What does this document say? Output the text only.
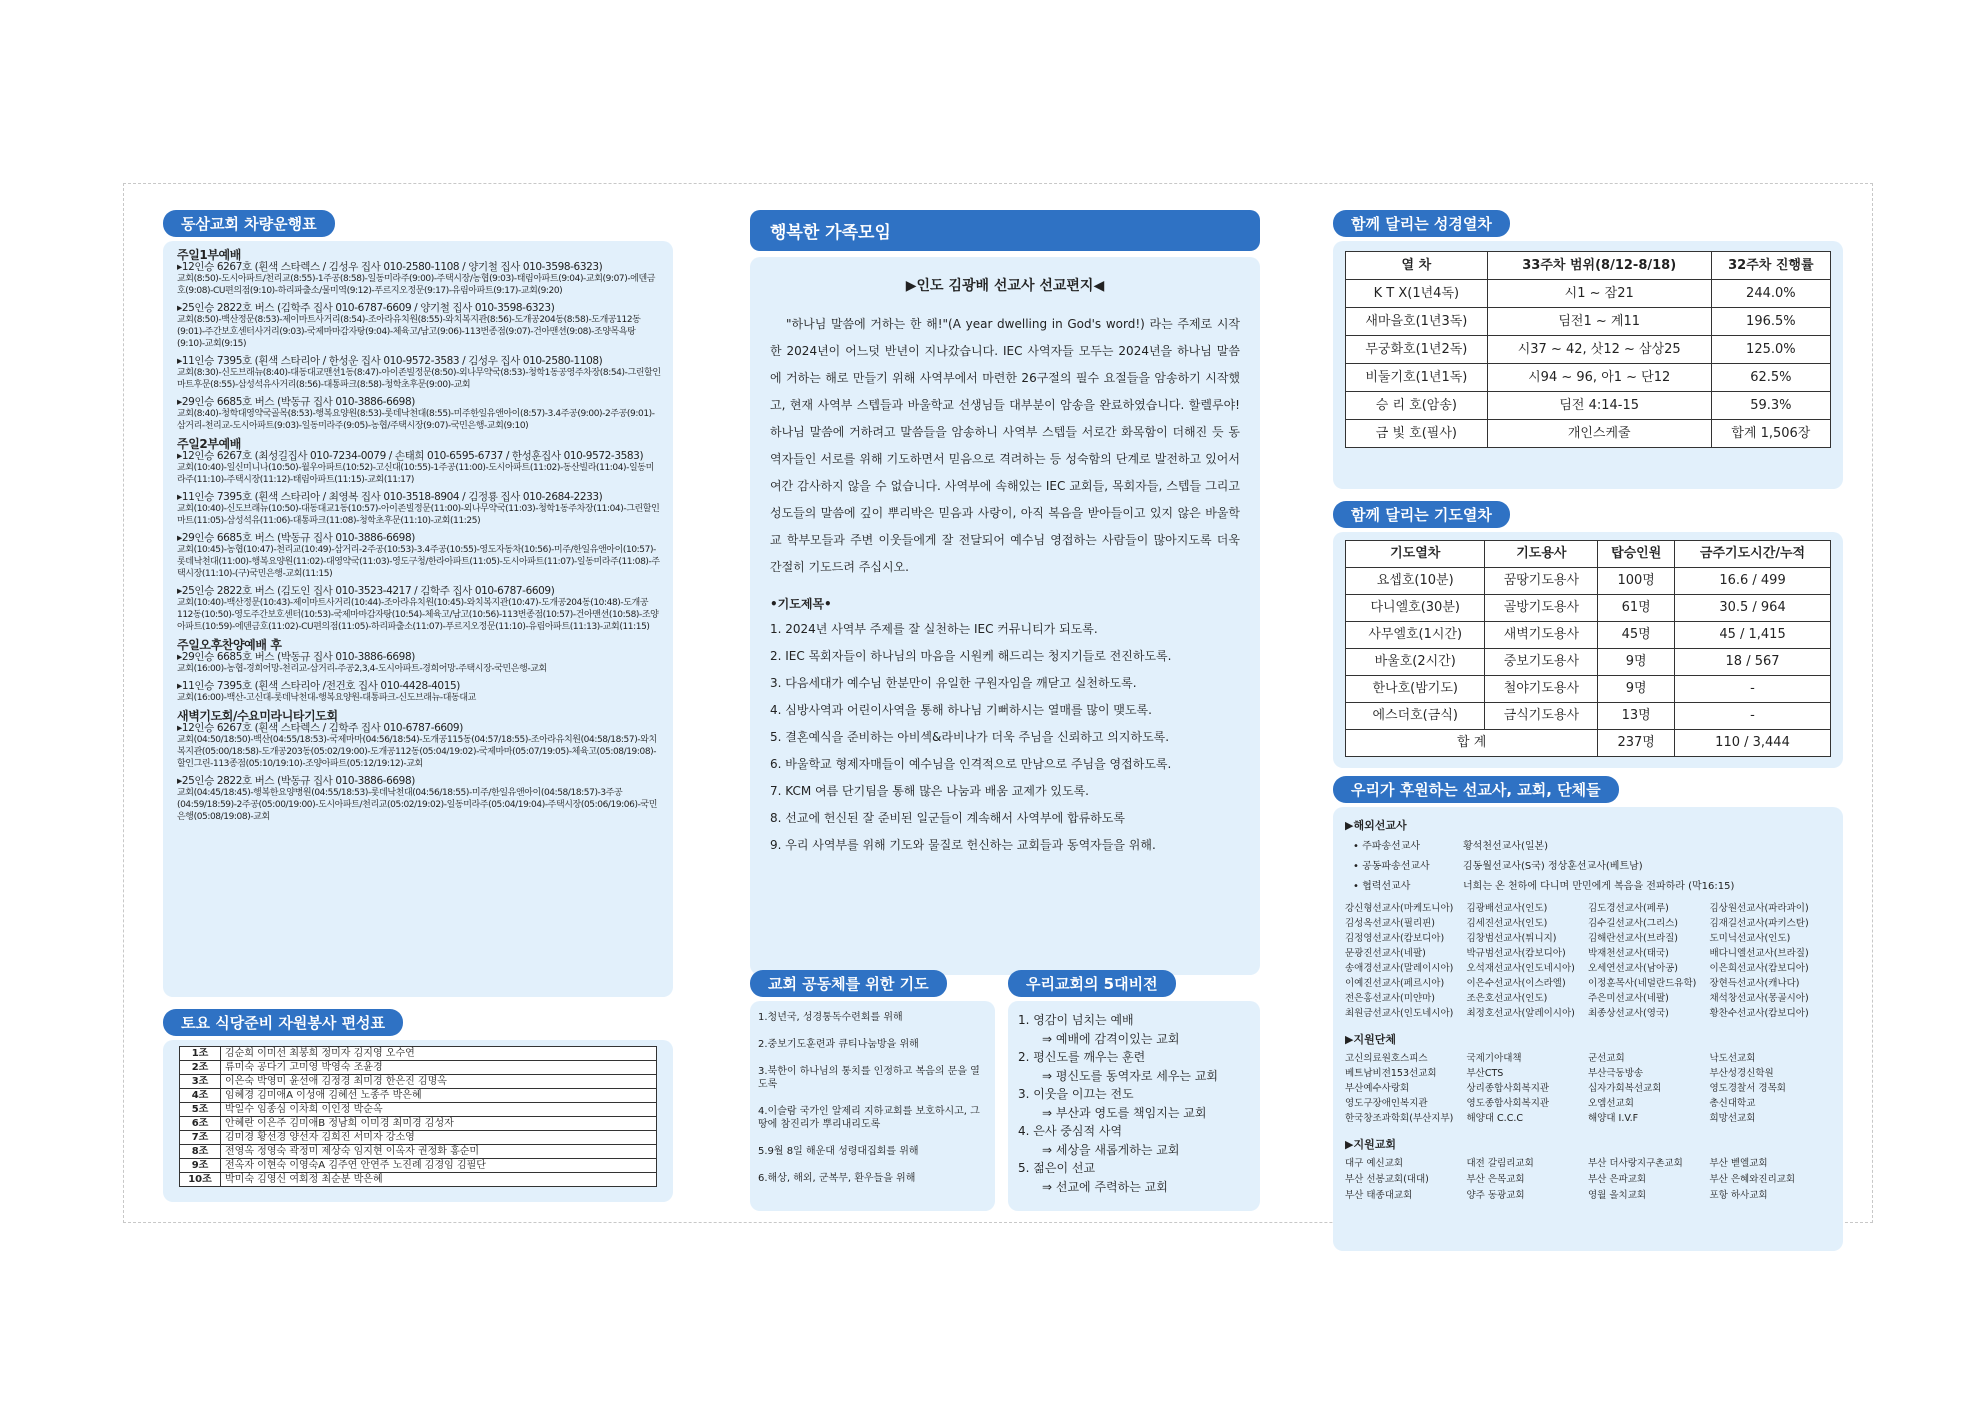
동삼교회 차량운행표
주일1부예배
▸12인승 6267호 (흰색 스타렉스 / 김성우 집사 010-2580-1108 / 양기철 집사 010-3598-6323)
교회(8:50)-도시아파트/천리교(8:55)-1주공(8:58)-일동미라주(9:00)-주택시장/농협(9:03)-태림아파트(9:04)-교회(9:07)-에덴금호(9:08)-CU편의점(9:10)-하리파출소/물미역(9:12)-푸르지오정문(9:17)-유림아파트(9:17)-교회(9:20)
▸25인승 2822호 버스 (김학주 집사 010-6787-6609 / 양기철 집사 010-3598-6323)
교회(8:50)-백산정문(8:53)-제이마트사거리(8:54)-조아라유치원(8:55)-와치복지관(8:56)-도개공204동(8:58)-도개공112동(9:01)-주간보호센터사거리(9:03)-국제마마감자탕(9:04)-체육고/남고(9:06)-113번종점(9:07)-건아맨션(9:08)-조양목욕탕(9:10)-교회(9:15)
▸11인승 7395호 (흰색 스타리아 / 한성운 집사 010-9572-3583 / 김성우 집사 010-2580-1108)
교회(8:30)-신도브래뉴(8:40)-대동대교맨션1동(8:47)-아이존빌정문(8:50)-외나무약국(8:53)-청학1동공영주차장(8:54)-그린할인마트후문(8:55)-삼성석유사거리(8:56)-대통파크(8:58)-청학초후문(9:00)-교회
▸29인승 6685호 버스 (박동규 집사 010-3886-6698)
교회(8:40)-청학대영약국골목(8:53)-행복요양원(8:53)-롯데낙천대(8:55)-미주한일유앤아이(8:57)-3.4주공(9:00)-2주공(9:01)-삼거리-천리교-도시아파트(9:03)-일동미라주(9:05)-농협/주택시장(9:07)-국민은행-교회(9:10)
주일2부예배
▸12인승 6267호 (최성길집사 010-7234-0079 / 손태희 010-6595-6737 / 한성훈집사 010-9572-3583)
교회(10:40)-일신미니나(10:50)-월우아파트(10:52)-고신대(10:55)-1주공(11:00)-도시아파트(11:02)-동산빌라(11:04)-일동미라주(11:10)-주택시장(11:12)-태림아파트(11:15)-교회(11:17)
▸11인승 7395호 (흰색 스타리아 / 최영복 집사 010-3518-8904 / 김정룡 집사 010-2684-2233)
교회(10:40)-신도브래뉴(10:50)-대동대교1동(10:57)-아이존빌정문(11:00)-외나무약국(11:03)-청학1동주차장(11:04)-그린할인마트(11:05)-삼성석유(11:06)-대통파크(11:08)-청학초후문(11:10)-교회(11:25)
▸29인승 6685호 버스 (박동규 집사 010-3886-6698)
교회(10:45)-농협(10:47)-천리교(10:49)-삼거리-2주공(10:53)-3.4주공(10:55)-영도자동차(10:56)-미주/한일유앤아이(10:57)-롯데낙천대(11:00)-행복요양원(11:02)-대영약국(11:03)-영도구청/한라아파트(11:05)-도시아파트(11:07)-일동미라주(11:08)-주택시장(11:10)-(구)국민은행-교회(11:15)
▸25인승 2822호 버스 (김도인 집사 010-3523-4217 / 김학주 집사 010-6787-6609)
교회(10:40)-백산정문(10:43)-제이마트사거리(10:44)-조아라유치원(10:45)-와치복지관(10:47)-도개공204동(10:48)-도개공112동(10:50)-영도주간보호센터(10:53)-국제마마감자탕(10:54)-체육고/남고(10:56)-113번종점(10:57)-건아맨션(10:58)-조양아파트(10:59)-에덴금호(11:02)-CU편의점(11:05)-하리파출소(11:07)-푸르지오정문(11:10)-유림아파트(11:13)-교회(11:15)
주일오후찬양예배 후
▸29인승 6685호 버스 (박동규 집사 010-3886-6698)
교회(16:00)-농협-경희어망-천리교-삼거리-주공2,3,4-도시아파트-경희어망-주택시장-국민은행-교회
▸11인승 7395호 (흰색 스타리아 /전건호 집사 010-4428-4015)
교회(16:00)-백산-고신대-롯데낙천대-행복요양원-대통파크-신도브래뉴-대동대교
새벽기도회/수요미라니타기도회
▸12인승 6267호 (흰색 스타렉스 / 김학주 집사 010-6787-6609)
교회(04:50/18:50)-백산(04:55/18:53)-국제마마(04:56/18:54)-도개공115동(04:57/18:55)-조아라유치원(04:58/18:57)-와치복지관(05:00/18:58)-도개공203동(05:02/19:00)-도개공112동(05:04/19:02)-국제마마(05:07/19:05)-체육고(05:08/19:08)-할인그린-113종점(05:10/19:10)-조양아파트(05:12/19:12)-교회
▸25인승 2822호 버스 (박동규 집사 010-3886-6698)
교회(04:45/18:45)-행복한요양병원(04:55/18:53)-롯데낙천대(04:56/18:55)-미주/한일유앤아이(04:58/18:57)-3주공(04:59/18:59)-2주공(05:00/19:00)-도시아파트/천리교(05:02/19:02)-일동미라주(05:04/19:04)-주택시장(05:06/19:06)-국민은행(05:08/19:08)-교회
토요 식당준비 자원봉사 편성표
1조	김순희 이미선 최봉희 정미자 김지영 오수연
2조	류미숙 공다기 고미영 박영숙 조윤경
3조	이은숙 박영미 윤선애 김정경 최미경 한은진 김명옥
4조	임혜경 김미애A 이성애 김혜선 노종주 박은혜
5조	박일수 임종심 이차희 이인정 박순옥
6조	안혜란 이은주 김미애B 정남희 이미경 최미경 김성자
7조	김미경 황선경 양선자 김희진 서미자 강소영
8조	전영옥 정영숙 곽정미 제상숙 임지현 이옥자 권정화 홍순미
9조	전옥자 이현숙 이영숙A 김주연 안연주 노진례 김경임 김필단
10조	박미숙 김영신 여회정 최순분 박은혜
행복한 가족모임
▶인도 김광배 선교사 선교편지◀
"하나님 말씀에 거하는 한 해!"(A year dwelling in God's word!) 라는 주제로 시작한 2024년이 어느덧 반년이 지나갔습니다. IEC 사역자들 모두는 2024년을 하나님 말씀에 거하는 해로 만들기 위해 사역부에서 마련한 26구절의 필수 요절들을 암송하기 시작했고, 현재 사역부 스텝들과 바울학교 선생님들 대부분이 암송을 완료하였습니다. 할렐루야! 하나님 말씀에 거하려고 말씀들을 암송하니 사역부 스텝들 서로간 화목함이 더해진 듯 동역자들인 서로를 위해 기도하면서 믿음으로 격려하는 등 성숙함의 단계로 발전하고 있어서 여간 감사하지 않을 수 없습니다. 사역부에 속해있는 IEC 교회들, 목회자들, 스텝들 그리고 성도들의 말씀에 깊이 뿌리박은 믿음과 사랑이, 아직 복음을 받아들이고 있지 않은 바울학교 학부모들과 주변 이웃들에게 잘 전달되어 예수님 영접하는 사람들이 많아지도록 더욱 간절히 기도드려 주십시오.
•기도제목•
1. 2024년 사역부 주제를 잘 실천하는 IEC 커뮤니티가 되도록.
2. IEC 목회자들이 하나님의 마음을 시원케 해드리는 청지기들로 전진하도록.
3. 다음세대가 예수님 한분만이 유일한 구원자임을 깨닫고 실천하도록.
4. 심방사역과 어린이사역을 통해 하나님 기뻐하시는 열매를 많이 맺도록.
5. 결혼예식을 준비하는 아비섹&라비나가 더욱 주님을 신뢰하고 의지하도록.
6. 바울학교 형제자매들이 예수님을 인격적으로 만남으로 주님을 영접하도록.
7. KCM 여름 단기팀을 통해 많은 나눔과 배움 교제가 있도록.
8. 선교에 헌신된 잘 준비된 일군들이 계속해서 사역부에 합류하도록
9. 우리 사역부를 위해 기도와 물질로 헌신하는 교회들과 동역자들을 위해.
교회 공동체를 위한 기도
1.청년국, 성경통독수련회를 위해
2.중보기도훈련과 큐티나눔방을 위해
3.북한이 하나님의 통치를 인정하고 복음의 문을 열도록
4.이슬람 국가인 알제리 지하교회를 보호하시고, 그 땅에 참진리가 뿌리내리도록
5.9월 8일 해운대 성령대집회를 위해
6.해상, 해외, 군복무, 환우들을 위해
우리교회의 5대비전
1. 영감이 넘치는 예배
⇒ 예배에 감격이있는 교회
2. 평신도를 깨우는 훈련
⇒ 평신도를 동역자로 세우는 교회
3. 이웃을 이끄는 전도
⇒ 부산과 영도를 책임지는 교회
4. 은사 중심적 사역
⇒ 세상을 새롭게하는 교회
5. 젊은이 선교
⇒ 선교에 주력하는 교회
함께 달리는 성경열차
열 차	33주차 범위(8/12-8/18)	32주차 진행률
K T X(1년4독)	시1 ~ 잠21	244.0%
새마을호(1년3독)	딤전1 ~ 계11	196.5%
무궁화호(1년2독)	시37 ~ 42, 삿12 ~ 삼상25	125.0%
비둘기호(1년1독)	시94 ~ 96, 아1 ~ 단12	62.5%
승 리 호(암송)	딤전 4:14-15	59.3%
금 빛 호(필사)	개인스케줄	합계 1,506장
함께 달리는 기도열차
기도열차	기도용사	탑승인원	금주기도시간/누적
요셉호(10분)	꿈땅기도용사	100명	16.6 / 499
다니엘호(30분)	골방기도용사	61명	30.5 / 964
사무엘호(1시간)	새벽기도용사	45명	45 / 1,415
바울호(2시간)	중보기도용사	9명	18 / 567
한나호(밤기도)	철야기도용사	9명	-
에스더호(금식)	금식기도용사	13명	-
합 계		237명	110 / 3,444
우리가 후원하는 선교사, 교회, 단체들
▶해외선교사
• 주파송선교사	황석천선교사(일본)
• 공동파송선교사	김동월선교사(S국) 정상훈선교사(베트남)
• 협력선교사	너희는 온 천하에 다니며 만민에게 복음을 전파하라 (막16:15)
강신형선교사(마케도니아)	김광배선교사(인도)	김도경선교사(페루)	김상원선교사(파라과이)
김성옥선교사(필리핀)	김세진선교사(인도)	김수길선교사(그리스)	김재길선교사(파키스탄)
김정영선교사(캄보디아)	김창범선교사(튀니지)	김해란선교사(브라질)	도미닉선교사(인도)
문광진선교사(네팔)	박규범선교사(캄보디아)	박재천선교사(태국)	배다니엘선교사(브라질)
송애경선교사(말레이시아)	오석재선교사(인도네시아)	오세연선교사(남아공)	이은희선교사(캄보디아)
이예진선교사(페르시아)	이은수선교사(이스라엘)	이정훈목사(네덜란드유학)	장현득선교사(캐나다)
전은홍선교사(미얀마)	조은호선교사(인도)	주은미선교사(네팔)	채석창선교사(몽골시아)
최원금선교사(인도네시아)	최정호선교사(알레이시아)	최종상선교사(영국)	황찬수선교사(캄보디아)
▶지원단체
고신의료원호스피스	국제기아대책	군선교회	낙도선교회
베트남비전153선교회	부산CTS	부산극동방송	부산성경신학원
부산예수사랑회	상리종합사회복지관	십자가회복선교회	영도경찰서 경목회
영도구장애인복지관	영도종합사회복지관	오엠선교회	총신대학교
한국창조과학회(부산지부)	해양대 C.C.C	해양대 I.V.F	희망선교회
▶지원교회
대구 예신교회	대전 갈림리교회	부산 더사랑지구촌교회	부산 벧엘교회
부산 선봉교회(대대)	부산 은목교회	부산 은파교회	부산 은혜와진리교회
부산 태종대교회	양주 동광교회	영월 올치교회	포항 하사교회
